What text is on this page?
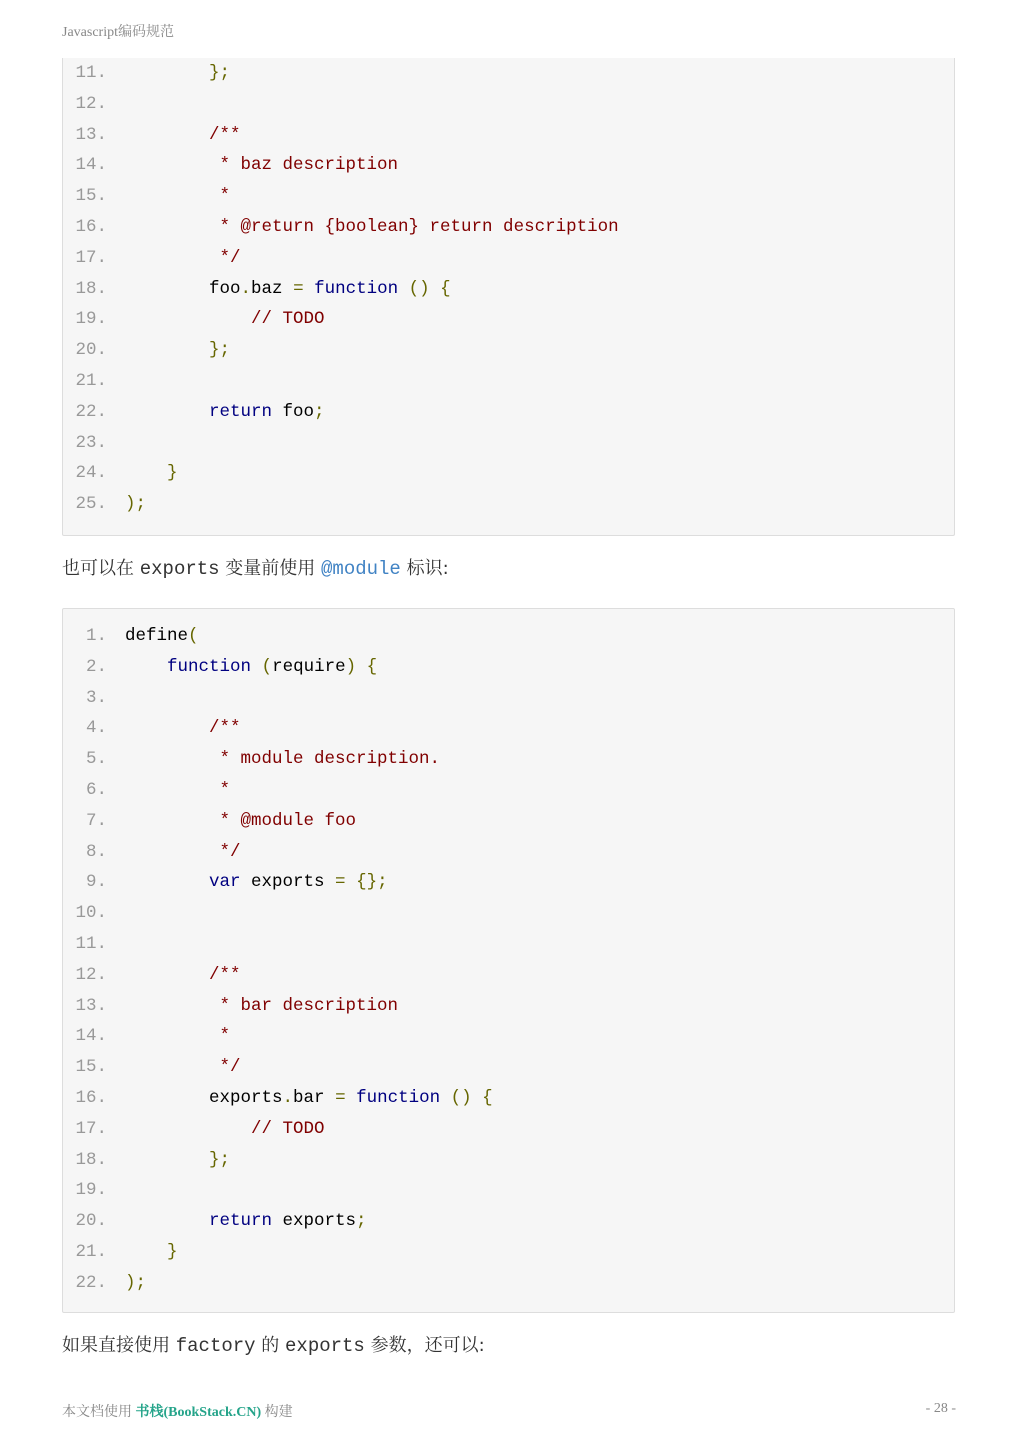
Javascript编码规范
11.	};
12.
13.	/**
14.	* baz description
15.	*
16.	* @return {boolean} return description
17.	*/
18.        foo.baz = function () {
19.	// TODO
20.	};
21.
22.	return foo;
23.
24.	}
25. );
也可以在 exports 变量前使用 @module 标识:
1. define(
2.	function (require) {
3.
4.	/**
5.	* module description.
6.	*
7.	* @module foo
8.	*/
9.	var exports = {};
10.
11.
12.	/**
13.	* bar description
14.	*
15.	*/
16.        exports.bar = function () {
17.	// TODO
18.	};
19.
20.	return exports;
21.	}
22. );
如果直接使用 factory 的 exports 参数，还可以:
本文档使用 书栈(BookStack.CN) 构建	- 28 -
